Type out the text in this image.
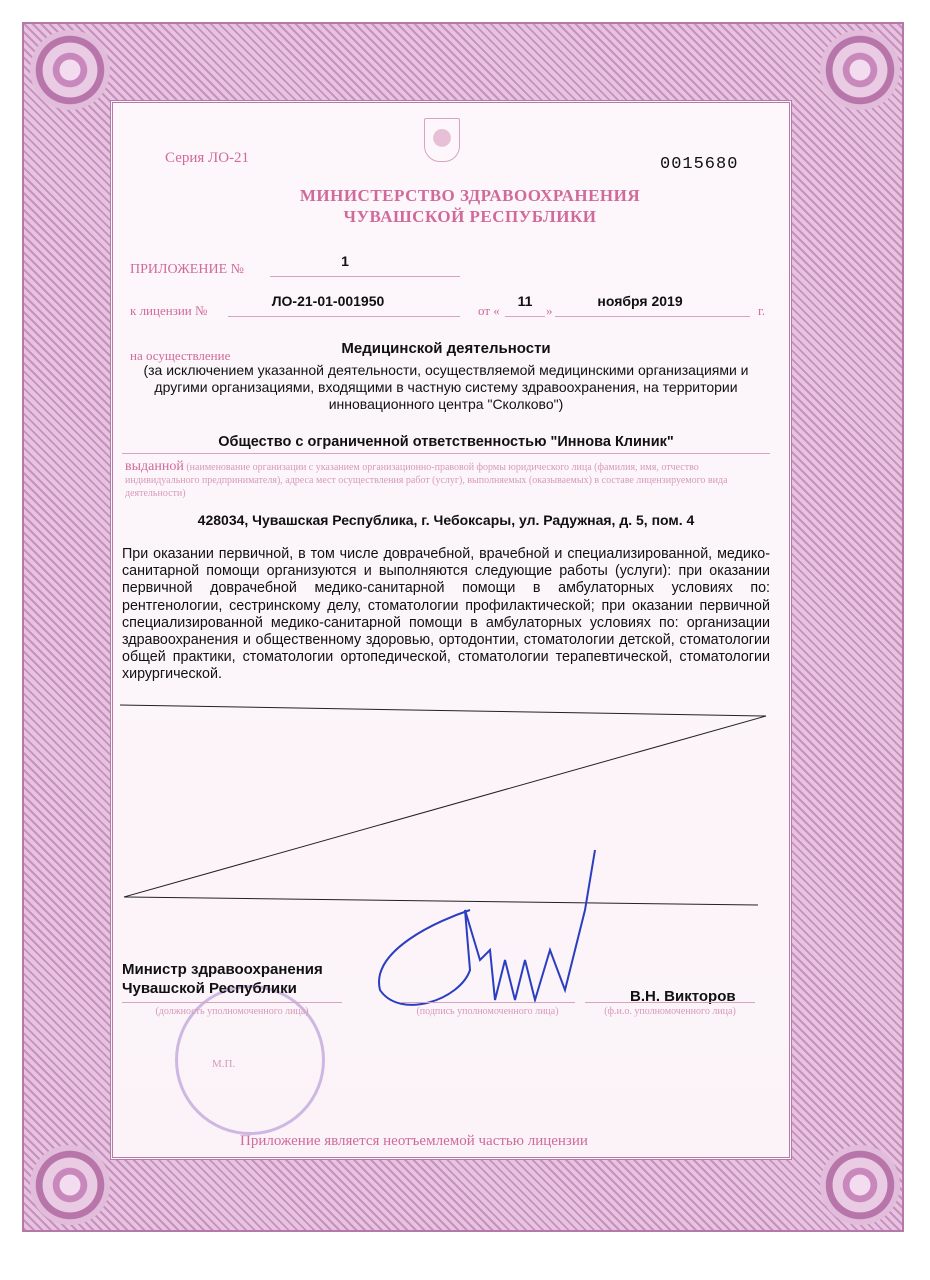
Серия ЛО-21	0015680
МИНИСТЕРСТВО ЗДРАВООХРАНЕНИЯ
ЧУВАШСКОЙ РЕСПУБЛИКИ
ПРИЛОЖЕНИЕ №
1
к лицензии №
ЛО-21-01-001950
от «
11
»
ноября 2019
г.
на осуществление	Медицинской деятельности
(за исключением указанной деятельности, осуществляемой медицинскими организациями и другими организациями, входящими в частную систему здравоохранения, на территории инновационного центра "Сколково")
Общество с ограниченной ответственностью "Иннова Клиник"
выданной (наименование организации с указанием организационно-правовой формы юридического лица (фамилия, имя, отчество индивидуального предпринимателя), адреса мест осуществления работ (услуг), выполняемых (оказываемых) в составе лицензируемого вида деятельности)
428034, Чувашская Республика, г. Чебоксары, ул. Радужная, д. 5, пом. 4
При оказании первичной, в том числе доврачебной, врачебной и специализированной, медико-санитарной помощи организуются и выполняются следующие работы (услуги): при оказании первичной доврачебной медико-санитарной помощи в амбулаторных условиях по: рентгенологии, сестринскому делу, стоматологии профилактической; при оказании первичной специализированной медико-санитарной помощи в амбулаторных условиях по: организации здравоохранения и общественному здоровью, ортодонтии, стоматологии детской, стоматологии общей практики, стоматологии ортопедической, стоматологии терапевтической, стоматологии хирургической.
Министр здравоохранения
Чувашской Республики	В.Н. Викторов
(должность уполномоченного лица)	(подпись уполномоченного лица)	(ф.и.о. уполномоченного лица)
М.П.
Приложение является неотъемлемой частью лицензии
